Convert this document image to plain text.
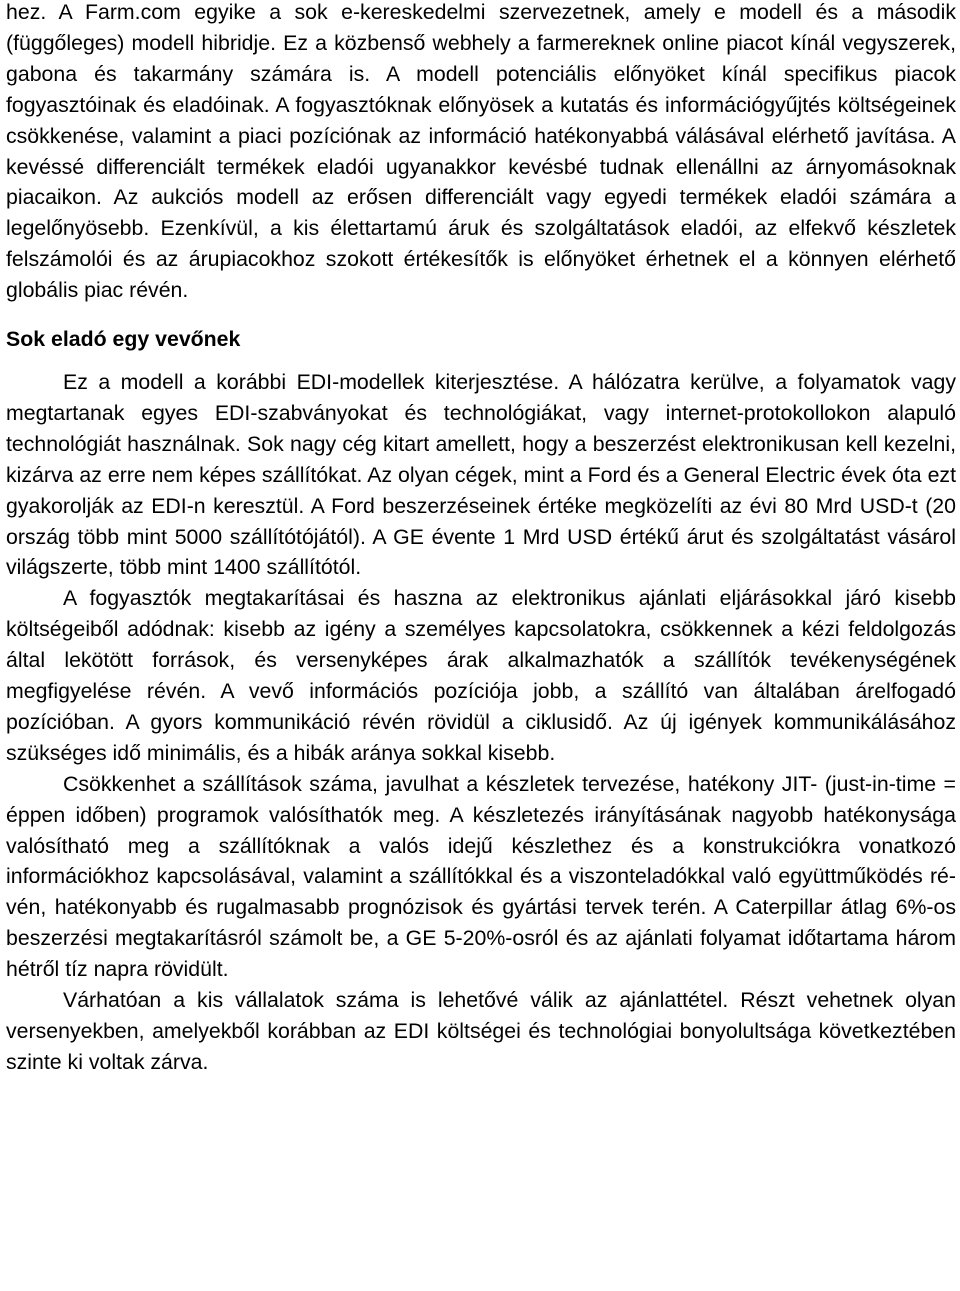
hez. A Farm.com egyike a sok e-kereskedelmi szervezetnek, amely e modell és a második (függőleges) modell hibridje. Ez a közbenső webhely a farmereknek online piacot kínál vegyszerek, gabona és takarmány számára is. A modell potenciális előnyöket kínál specifikus piacok fogyasztóinak és eladóinak. A fogyasztóknak előnyösek a kutatás és információgyűjtés költségeinek csökkenése, valamint a piaci pozíciónak az információ hatékonyabbá válásával elérhető javítása. A kevéssé differenciált termékek eladói ugyanakkor kevésbé tudnak ellenállni az árnyomásoknak piacaikon. Az aukciós modell az erősen differenciált vagy egyedi termékek eladói számára a legelőnyösebb. Ezenkívül, a kis élettartamú áruk és szolgáltatások eladói, az elfekvő készletek felszámolói és az árupiacokhoz szokott értékesítők is előnyöket érhetnek el a könnyen elérhető globális piac révén.

Sok eladó egy vevőnek

Ez a modell a korábbi EDI-modellek kiterjesztése. A hálózatra kerülve, a folyamatok vagy megtartanak egyes EDI-szabványokat és technológiákat, vagy internet-protokollokon alapuló technológiát használnak. Sok nagy cég kitart amellett, hogy a beszerzést elektronikusan kell kezelni, kizárva az erre nem képes szállítókat. Az olyan cégek, mint a Ford és a General Electric évek óta ezt gyakorolják az EDI-n keresztül. A Ford beszerzéseinek értéke megközelíti az évi 80 Mrd USD-t (20 ország több mint 5000 szállítótójától). A GE évente 1 Mrd USD értékű árut és szolgáltatást vásárol világszerte, több mint 1400 szállítótól.

A fogyasztók megtakarításai és haszna az elektronikus ajánlati eljárásokkal járó kisebb költségeiből adódnak: kisebb az igény a személyes kapcsolatokra, csökkennek a kézi feldolgozás által lekötött források, és versenyképes árak alkalmazhatók a szállítók tevékenységének megfigyelése révén. A vevő információs pozíciója jobb, a szállító van általában árelfogadó pozícióban. A gyors kommunikáció révén rövidül a ciklusidő. Az új igények kommunikálásához szükséges idő minimális, és a hibák aránya sokkal kisebb.

Csökkenhet a szállítások száma, javulhat a készletek tervezése, hatékony JIT- (just-in-time = éppen időben) programok valósíthatók meg. A készletezés irányításának nagyobb hatékonysága valósítható meg a szállítóknak a valós idejű készlethez és a konstrukciókra vonatkozó információkhoz kapcsolásával, valamint a szállítókkal és a viszonteladókkal való együttműködés révén, hatékonyabb és rugalmasabb prognózisok és gyártási tervek terén. A Caterpillar átlag 6%-os beszerzési megtakarításról számolt be, a GE 5-20%-osról és az ajánlati folyamat időtartama három hétről tíz napra rövidült.

Várhatóan a kis vállalatok száma is lehetővé válik az ajánlattétel. Részt vehetnek olyan versenyekben, amelyekből korábban az EDI költségei és technológiai bonyolultsága következtében szinte ki voltak zárva.
